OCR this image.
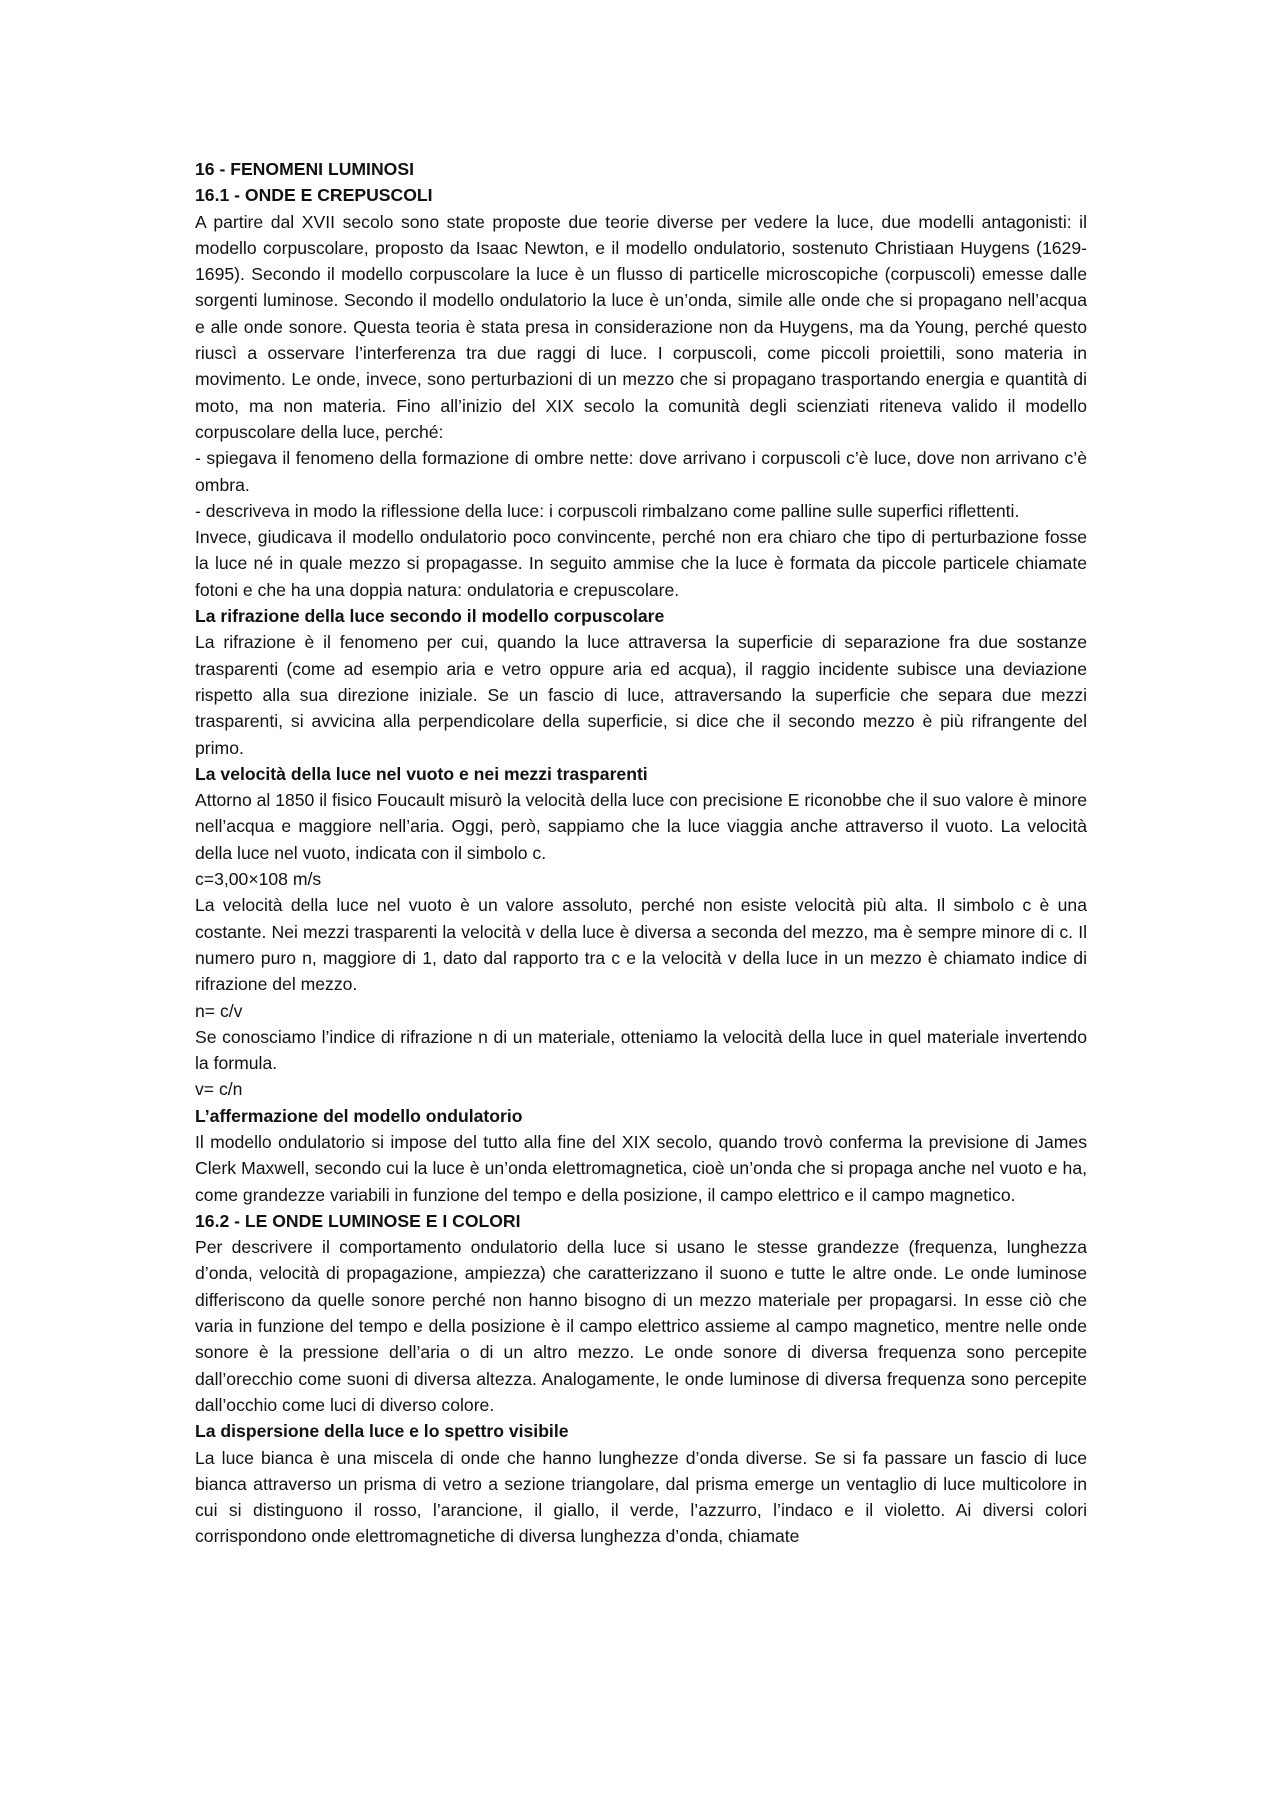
16 - FENOMENI LUMINOSI

16.1 - ONDE E CREPUSCOLI

A partire dal XVII secolo sono state proposte due teorie diverse per vedere la luce, due modelli antagonisti: il modello corpuscolare, proposto da Isaac Newton, e il modello ondulatorio, sostenuto Christiaan Huygens (1629-1695). Secondo il modello corpuscolare la luce è un flusso di particelle microscopiche (corpuscoli) emesse dalle sorgenti luminose. Secondo il modello ondulatorio la luce è un’onda, simile alle onde che si propagano nell’acqua e alle onde sonore. Questa teoria è stata presa in considerazione non da Huygens, ma da Young, perché questo riuscì a osservare l’interferenza tra due raggi di luce. I corpuscoli, come piccoli proiettili, sono materia in movimento. Le onde, invece, sono perturbazioni di un mezzo che si propagano trasportando energia e quantità di moto, ma non materia. Fino all’inizio del XIX secolo la comunità degli scienziati riteneva valido il modello corpuscolare della luce, perché:

- spiegava il fenomeno della formazione di ombre nette: dove arrivano i corpuscoli c’è luce, dove non arrivano c’è ombra.

- descriveva in modo la riflessione della luce: i corpuscoli rimbalzano come palline sulle superfici riflettenti.

Invece, giudicava il modello ondulatorio poco convincente, perché non era chiaro che tipo di perturbazione fosse la luce né in quale mezzo si propagasse. In seguito ammise che la luce è formata da piccole particele chiamate fotoni e che ha una doppia natura: ondulatoria e crepuscolare.

La rifrazione della luce secondo il modello corpuscolare

La rifrazione è il fenomeno per cui, quando la luce attraversa la superficie di separazione fra due sostanze trasparenti (come ad esempio aria e vetro oppure aria ed acqua), il raggio incidente subisce una deviazione rispetto alla sua direzione iniziale. Se un fascio di luce, attraversando la superficie che separa due mezzi trasparenti, si avvicina alla perpendicolare della superficie, si dice che il secondo mezzo è più rifrangente del primo.

La velocità della luce nel vuoto e nei mezzi trasparenti

Attorno al 1850 il fisico Foucault misurò la velocità della luce con precisione E riconobbe che il suo valore è minore nell’acqua e maggiore nell’aria. Oggi, però, sappiamo che la luce viaggia anche attraverso il vuoto. La velocità della luce nel vuoto, indicata con il simbolo c.

c=3,00×108 m/s

La velocità della luce nel vuoto è un valore assoluto, perché non esiste velocità più alta. Il simbolo c è una costante. Nei mezzi trasparenti la velocità v della luce è diversa a seconda del mezzo, ma è sempre minore di c. Il numero puro n, maggiore di 1, dato dal rapporto tra c e la velocità v della luce in un mezzo è chiamato indice di rifrazione del mezzo.

n= c/v

Se conosciamo l’indice di rifrazione n di un materiale, otteniamo la velocità della luce in quel materiale invertendo la formula.

v= c/n

L’affermazione del modello ondulatorio

Il modello ondulatorio si impose del tutto alla fine del XIX secolo, quando trovò conferma la previsione di James Clerk Maxwell, secondo cui la luce è un’onda elettromagnetica, cioè un’onda che si propaga anche nel vuoto e ha, come grandezze variabili in funzione del tempo e della posizione, il campo elettrico e il campo magnetico.

16.2 - LE ONDE LUMINOSE E I COLORI

Per descrivere il comportamento ondulatorio della luce si usano le stesse grandezze (frequenza, lunghezza d’onda, velocità di propagazione, ampiezza) che caratterizzano il suono e tutte le altre onde. Le onde luminose differiscono da quelle sonore perché non hanno bisogno di un mezzo materiale per propagarsi. In esse ciò che varia in funzione del tempo e della posizione è il campo elettrico assieme al campo magnetico, mentre nelle onde sonore è la pressione dell’aria o di un altro mezzo. Le onde sonore di diversa frequenza sono percepite dall’orecchio come suoni di diversa altezza. Analogamente, le onde luminose di diversa frequenza sono percepite dall’occhio come luci di diverso colore.

La dispersione della luce e lo spettro visibile

La luce bianca è una miscela di onde che hanno lunghezze d’onda diverse. Se si fa passare un fascio di luce bianca attraverso un prisma di vetro a sezione triangolare, dal prisma emerge un ventaglio di luce multicolore in cui si distinguono il rosso, l’arancione, il giallo, il verde, l’azzurro, l’indaco e il violetto. Ai diversi colori corrispondono onde elettromagnetiche di diversa lunghezza d’onda, chiamate
